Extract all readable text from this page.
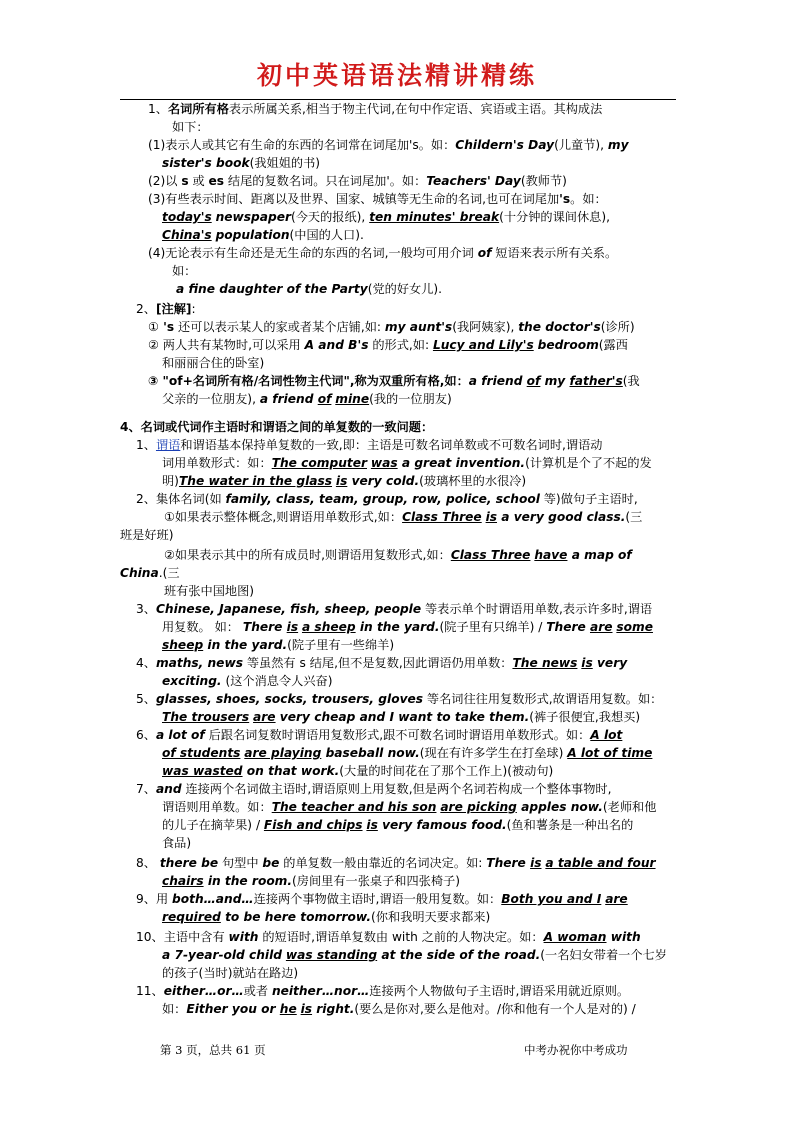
初中英语语法精讲精练
1、名词所有格表示所属关系,相当于物主代词,在句中作定语、宾语或主语。其构成法
如下：
(1)表示人或其它有生命的东西的名词常在词尾加's。如：Childern's Day(儿童节), my
sister's book(我姐姐的书)
(2)以 s 或 es 结尾的复数名词。只在词尾加'。如：Teachers' Day(教师节)
(3)有些表示时间、距离以及世界、国家、城镇等无生命的名词,也可在词尾加's。如：
today's newspaper(今天的报纸), ten minutes' break(十分钟的课间休息),
China's population(中国的人口).
(4)无论表示有生命还是无生命的东西的名词,一般均可用介词 of 短语来表示所有关系。
如：
a fine daughter of the Party(党的好女儿).
2、[注解]:
① 's 还可以表示某人的家或者某个店铺,如: my aunt's(我阿姨家), the doctor's(诊所)
② 两人共有某物时,可以采用 A and B's 的形式,如: Lucy and Lily's bedroom(露西
和丽丽合住的卧室)
③ "of+名词所有格/名词性物主代词",称为双重所有格,如：a friend of my father's(我
父亲的一位朋友), a friend of mine(我的一位朋友)
4、名词或代词作主语时和谓语之间的单复数的一致问题：
1、谓语和谓语基本保持单复数的一致,即：主语是可数名词单数或不可数名词时,谓语动
词用单数形式：如：The computer was a great invention.(计算机是个了不起的发
明)The water in the glass is very cold.(玻璃杯里的水很冷)
2、集体名词(如 family, class, team, group, row, police, school 等)做句子主语时,
①如果表示整体概念,则谓语用单数形式,如：Class Three is a very good class.(三
班是好班)
②如果表示其中的所有成员时,则谓语用复数形式,如：Class Three have a map of
China.(三
班有张中国地图)
3、Chinese, Japanese, fish, sheep, people 等表示单个时谓语用单数,表示许多时,谓语
用复数。 如： There is a sheep in the yard.(院子里有只绵羊) / There are some
sheep in the yard.(院子里有一些绵羊)
4、maths, news 等虽然有 s 结尾,但不是复数,因此谓语仍用单数：The news is very
exciting. (这个消息令人兴奋)
5、glasses, shoes, socks, trousers, gloves 等名词往往用复数形式,故谓语用复数。如：
The trousers are very cheap and I want to take them.(裤子很便宜,我想买)
6、a lot of 后跟名词复数时谓语用复数形式,跟不可数名词时谓语用单数形式。如：A lot
of students are playing baseball now.(现在有许多学生在打垒球) A lot of time
was wasted on that work.(大量的时间花在了那个工作上)(被动句)
7、and 连接两个名词做主语时,谓语原则上用复数,但是两个名词若构成一个整体事物时,
谓语则用单数。如：The teacher and his son are picking apples now.(老师和他
的儿子在摘苹果) / Fish and chips is very famous food.(鱼和薯条是一种出名的
食品)
8、 there be 句型中 be 的单复数一般由靠近的名词决定。如: There is a table and four
chairs in the room.(房间里有一张桌子和四张椅子)
9、用 both…and…连接两个事物做主语时,谓语一般用复数。如：Both you and I are
required to be here tomorrow.(你和我明天要求都来)
10、主语中含有 with 的短语时,谓语单复数由 with 之前的人物决定。如：A woman with
a 7-year-old child was standing at the side of the road.(一名妇女带着一个七岁
的孩子(当时)就站在路边)
11、either…or…或者 neither…nor…连接两个人物做句子主语时,谓语采用就近原则。
如：Either you or he is right.(要么是你对,要么是他对。/你和他有一个人是对的) /
第 3 页，总共 61 页	中考办祝你中考成功
